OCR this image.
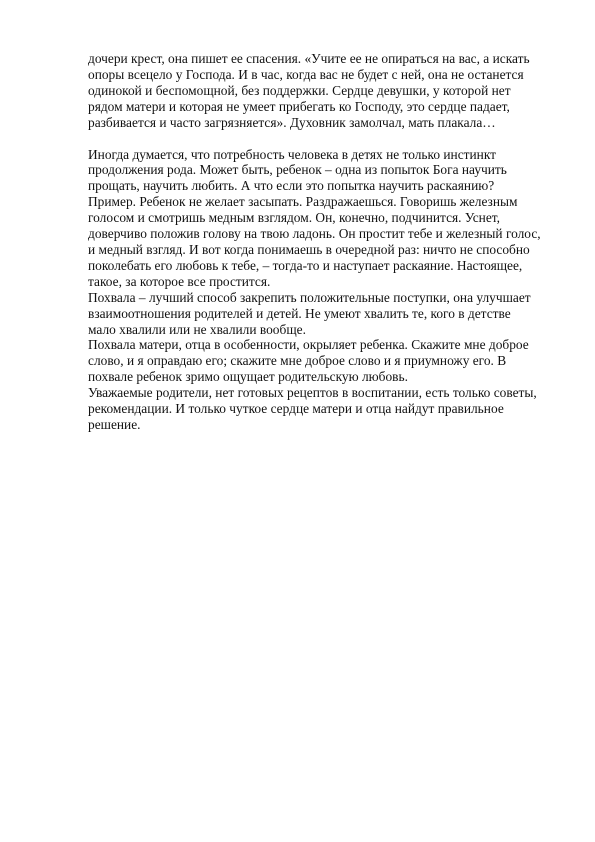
дочери крест, она пишет ее спасения. «Учите ее не опираться на вас, а искать
опоры всецело у Господа. И в час, когда вас не будет с ней, она не останется
одинокой и беспомощной, без поддержки. Сердце девушки, у которой нет
рядом матери и которая не умеет прибегать ко Господу, это сердце падает,
разбивается и часто загрязняется». Духовник замолчал, мать плакала…
Иногда думается, что потребность человека в детях не только инстинкт
продолжения рода. Может быть, ребенок – одна из попыток Бога научить
прощать, научить любить. А что если это попытка научить раскаянию?
Пример. Ребенок не желает засыпать. Раздражаешься. Говоришь железным
голосом и смотришь медным взглядом. Он, конечно, подчинится. Уснет,
доверчиво положив голову на твою ладонь. Он простит тебе и железный голос,
и медный взгляд. И вот когда понимаешь в очередной раз: ничто не способно
поколебать его любовь к тебе, – тогда-то и наступает раскаяние. Настоящее,
такое, за которое все простится.
Похвала – лучший способ закрепить положительные поступки, она улучшает
взаимоотношения родителей и детей. Не умеют хвалить те, кого в детстве
мало хвалили или не хвалили вообще.
Похвала матери, отца в особенности, окрыляет ребенка. Скажите мне доброе
слово, и я оправдаю его; скажите мне доброе слово и я приумножу его. В
похвале ребенок зримо ощущает родительскую любовь.
Уважаемые родители, нет готовых рецептов в воспитании, есть только советы,
рекомендации. И только чуткое сердце матери и отца найдут правильное
решение.
